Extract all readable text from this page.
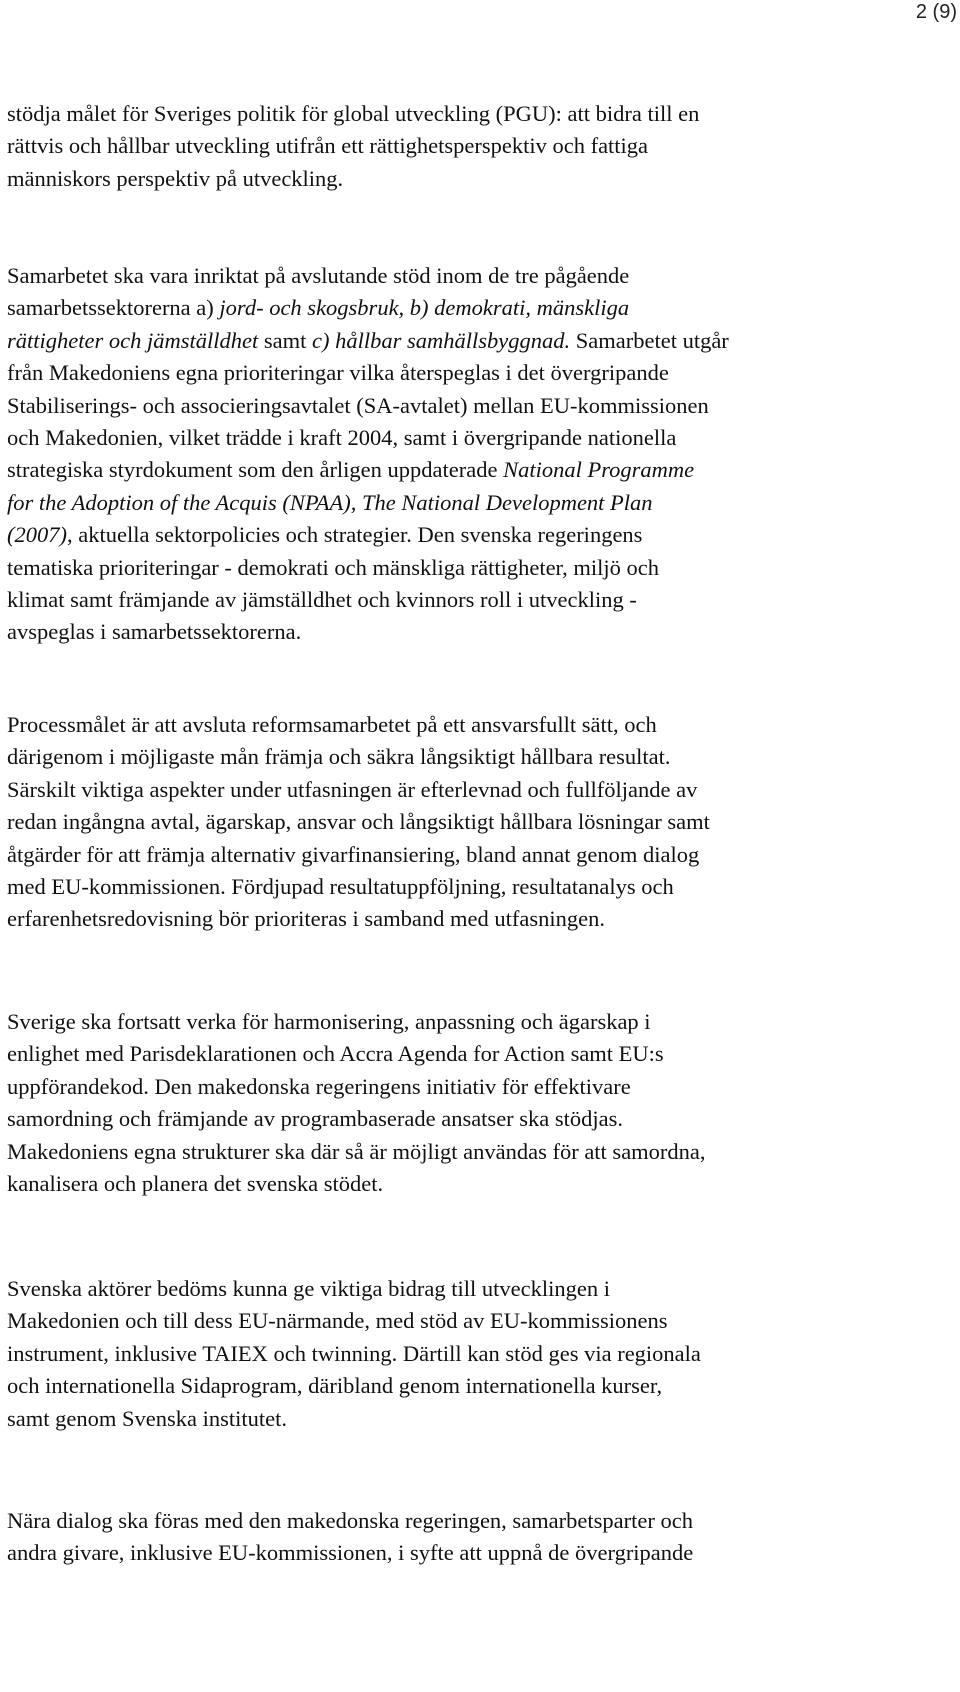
2 (9)

stödja målet för Sveriges politik för global utveckling (PGU): att bidra till en
rättvis och hållbar utveckling utifrån ett rättighetsperspektiv och fattiga
människors perspektiv på utveckling.

Samarbetet ska vara inriktat på avslutande stöd inom de tre pågående
samarbetssektorerna a) jord- och skogsbruk, b) demokrati, mänskliga
rättigheter och jämställdhet samt c) hållbar samhällsbyggnad. Samarbetet utgår
från Makedoniens egna prioriteringar vilka återspeglas i det övergripande
Stabiliserings- och associeringsavtalet (SA-avtalet) mellan EU-kommissionen
och Makedonien, vilket trädde i kraft 2004, samt i övergripande nationella
strategiska styrdokument som den årligen uppdaterade National Programme
for the Adoption of the Acquis (NPAA), The National Development Plan
(2007), aktuella sektorpolicies och strategier. Den svenska regeringens
tematiska prioriteringar - demokrati och mänskliga rättigheter, miljö och
klimat samt främjande av jämställdhet och kvinnors roll i utveckling -
avspeglas i samarbetssektorerna.

Processmålet är att avsluta reformsamarbetet på ett ansvarsfullt sätt, och
därigenom i möjligaste mån främja och säkra långsiktigt hållbara resultat.
Särskilt viktiga aspekter under utfasningen är efterlevnad och fullföljande av
redan ingångna avtal, ägarskap, ansvar och långsiktigt hållbara lösningar samt
åtgärder för att främja alternativ givarfinansiering, bland annat genom dialog
med EU-kommissionen. Fördjupad resultatuppföljning, resultatanalys och
erfarenhetsredovisning bör prioriteras i samband med utfasningen.

Sverige ska fortsatt verka för harmonisering, anpassning och ägarskap i
enlighet med Parisdeklarationen och Accra Agenda for Action samt EU:s
uppförandekod. Den makedonska regeringens initiativ för effektivare
samordning och främjande av programbaserade ansatser ska stödjas.
Makedoniens egna strukturer ska där så är möjligt användas för att samordna,
kanalisera och planera det svenska stödet.

Svenska aktörer bedöms kunna ge viktiga bidrag till utvecklingen i
Makedonien och till dess EU-närmande, med stöd av EU-kommissionens
instrument, inklusive TAIEX och twinning. Därtill kan stöd ges via regionala
och internationella Sidaprogram, däribland genom internationella kurser,
samt genom Svenska institutet.

Nära dialog ska föras med den makedonska regeringen, samarbetsparter och
andra givare, inklusive EU-kommissionen, i syfte att uppnå de övergripande
